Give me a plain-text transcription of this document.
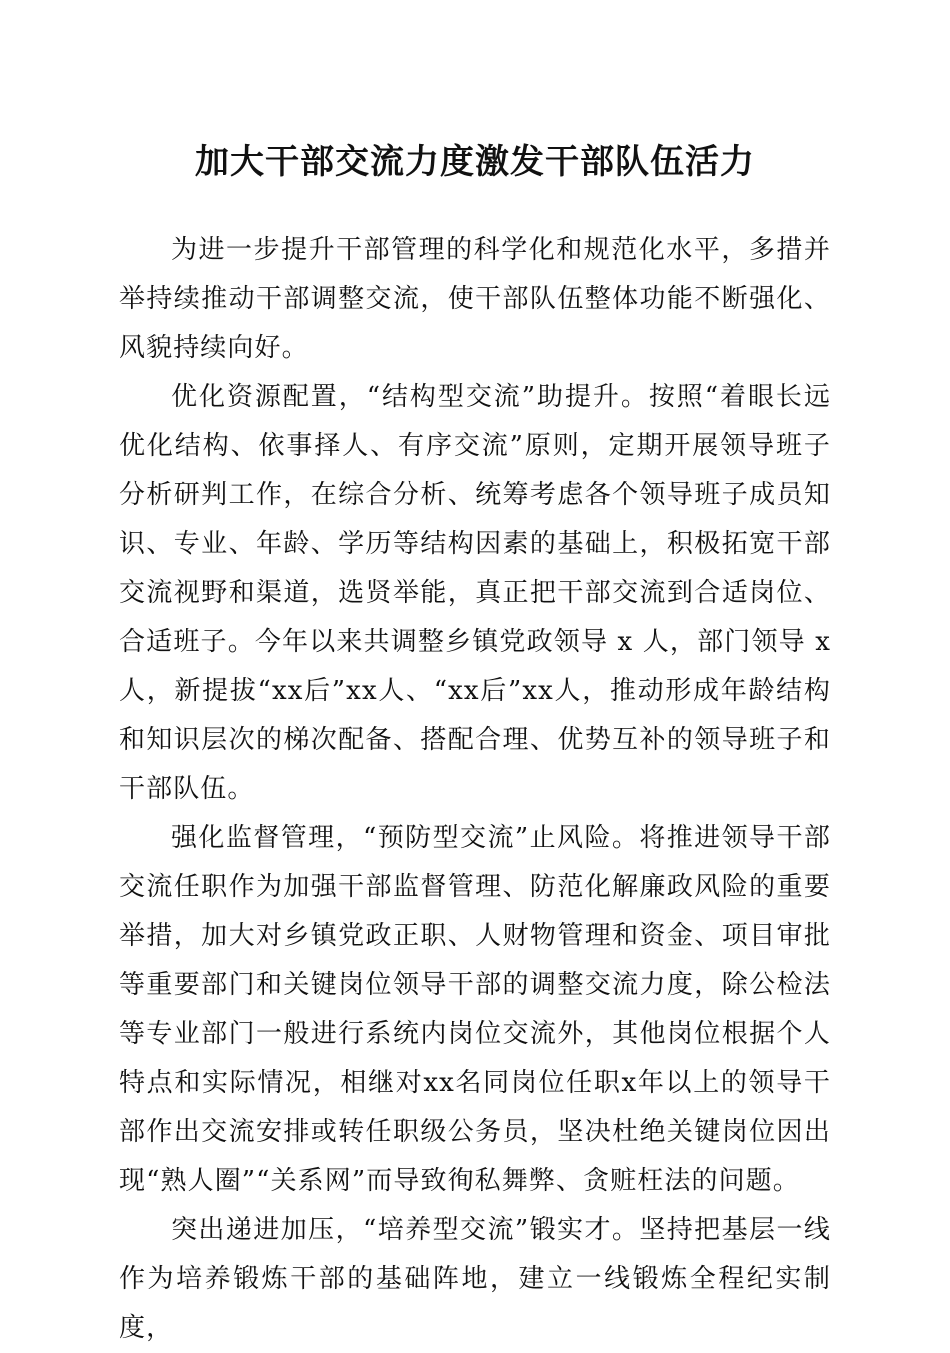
加大干部交流力度激发干部队伍活力

为进一步提升干部管理的科学化和规范化水平，多措并举持续推动干部调整交流，使干部队伍整体功能不断强化、风貌持续向好。

优化资源配置，“结构型交流”助提升。按照“着眼长远优化结构、依事择人、有序交流”原则，定期开展领导班子分析研判工作，在综合分析、统筹考虑各个领导班子成员知识、专业、年龄、学历等结构因素的基础上，积极拓宽干部交流视野和渠道，选贤举能，真正把干部交流到合适岗位、合适班子。今年以来共调整乡镇党政领导 x 人，部门领导 x 人，新提拔“xx后”xx人、“xx后”xx人，推动形成年龄结构和知识层次的梯次配备、搭配合理、优势互补的领导班子和干部队伍。

强化监督管理，“预防型交流”止风险。将推进领导干部交流任职作为加强干部监督管理、防范化解廉政风险的重要举措，加大对乡镇党政正职、人财物管理和资金、项目审批等重要部门和关键岗位领导干部的调整交流力度，除公检法等专业部门一般进行系统内岗位交流外，其他岗位根据个人特点和实际情况，相继对xx名同岗位任职x年以上的领导干部作出交流安排或转任职级公务员，坚决杜绝关键岗位因出现“熟人圈”“关系网”而导致徇私舞弊、贪赃枉法的问题。

突出递进加压，“培养型交流”锻实才。坚持把基层一线作为培养锻炼干部的基础阵地，建立一线锻炼全程纪实制度，
